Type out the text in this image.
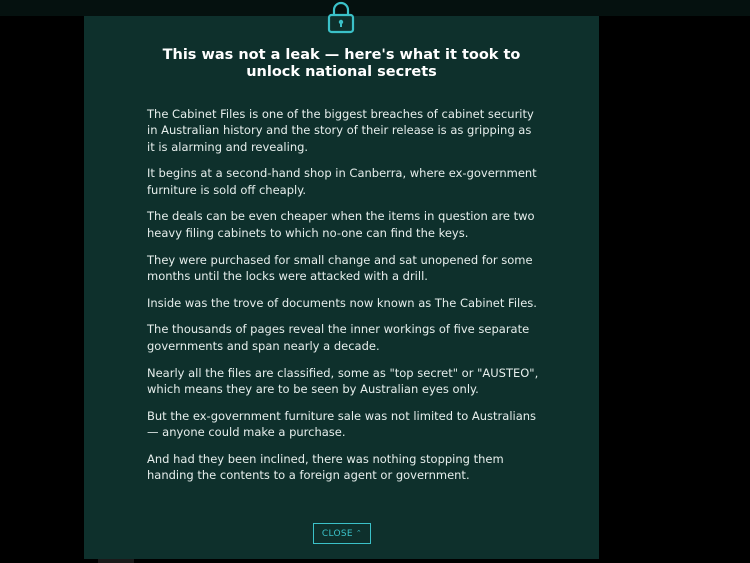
This was not a leak — here's what it took to unlock national secrets

The Cabinet Files is one of the biggest breaches of cabinet security in Australian history and the story of their release is as gripping as it is alarming and revealing.

It begins at a second-hand shop in Canberra, where ex-government furniture is sold off cheaply.

The deals can be even cheaper when the items in question are two heavy filing cabinets to which no-one can find the keys.

They were purchased for small change and sat unopened for some months until the locks were attacked with a drill.

Inside was the trove of documents now known as The Cabinet Files.

The thousands of pages reveal the inner workings of five separate governments and span nearly a decade.

Nearly all the files are classified, some as "top secret" or "AUSTEO", which means they are to be seen by Australian eyes only.

But the ex-government furniture sale was not limited to Australians — anyone could make a purchase.

And had they been inclined, there was nothing stopping them handing the contents to a foreign agent or government.

CLOSE ⌃
